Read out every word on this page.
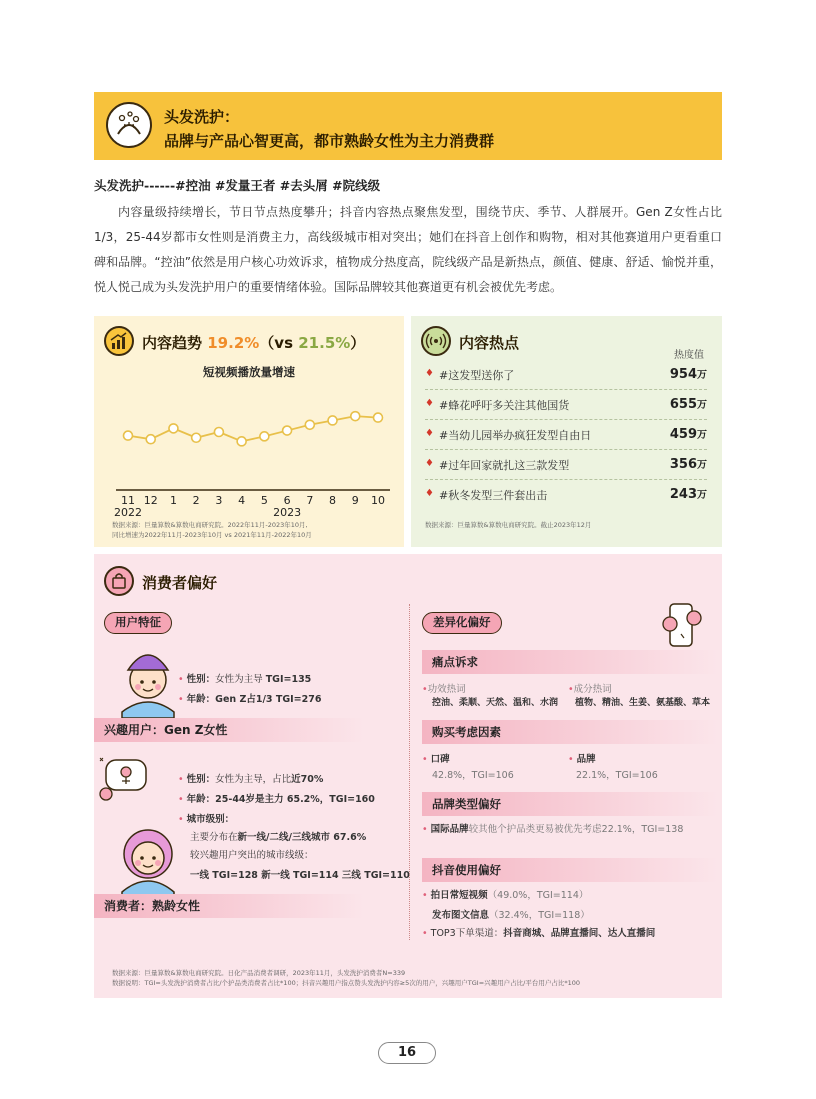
头发洗护：
品牌与产品心智更高，都市熟龄女性为主力消费群
头发洗护------#控油 #发量王者 #去头屑 #院线级

内容量级持续增长，节日节点热度攀升；抖音内容热点聚焦发型，围绕节庆、季节、人群展开。Gen Z女性占比1/3，25-44岁都市女性则是消费主力，高线级城市相对突出；她们在抖音上创作和购物，相对其他赛道用户更看重口碑和品牌。“控油”依然是用户核心功效诉求，植物成分热度高，院线级产品是新热点，颜值、健康、舒适、愉悦并重，悦人悦己成为头发洗护用户的重要情绪体验。国际品牌较其他赛道更有机会被优先考虑。

内容趋势 19.2%（vs 21.5%）
短视频播放量增速
11 12 1 2 3 4 5 6 7 8 9 10
2022	2023
数据来源：巨量算数&算数电商研究院。2022年11月-2023年10月,
同比增速为2022年11月-2023年10月 vs 2021年11月-2022年10月
内容热点
热度值
♦ #这发型送你了	954万
♦ #蜂花呼吁多关注其他国货	655万
♦ #当幼儿园举办疯狂发型自由日	459万
♦ #过年回家就扎这三款发型	356万
♦ #秋冬发型三件套出击	243万
数据来源：巨量算数&算数电商研究院。截止2023年12月
消费者偏好
用户特征
• 性别：女性为主导 TGI=135
• 年龄：Gen Z占1/3 TGI=276
兴趣用户：Gen Z女性
• 性别：女性为主导，占比近70%
• 年龄：25-44岁是主力 65.2%，TGI=160
• 城市级别：
主要分布在新一线/二线/三线城市 67.6%
较兴趣用户突出的城市线级：
一线 TGI=128 新一线 TGI=114 三线 TGI=110
消费者：熟龄女性
数据来源：巨量算数&算数电商研究院。日化产品消费者调研，2023年11月，头发洗护消费者N=339
数据说明：TGI=头发洗护消费者占比/个护品类消费者占比*100；抖音兴趣用户指点赞头发洗护内容≥5次的用户，兴趣用户TGI=兴趣用户占比/平台用户占比*100
差异化偏好
痛点诉求
•功效热词
控油、柔顺、天然、温和、水润
•成分热词
植物、精油、生姜、氨基酸、草本
购买考虑因素
• 口碑
42.8%，TGI=106
• 品牌
22.1%，TGI=106
品牌类型偏好
• 国际品牌较其他个护品类更易被优先考虑22.1%，TGI=138
抖音使用偏好
• 拍日常短视频（49.0%，TGI=114）
发布图文信息（32.4%，TGI=118）
• TOP3下单渠道：抖音商城、品牌直播间、达人直播间
16
